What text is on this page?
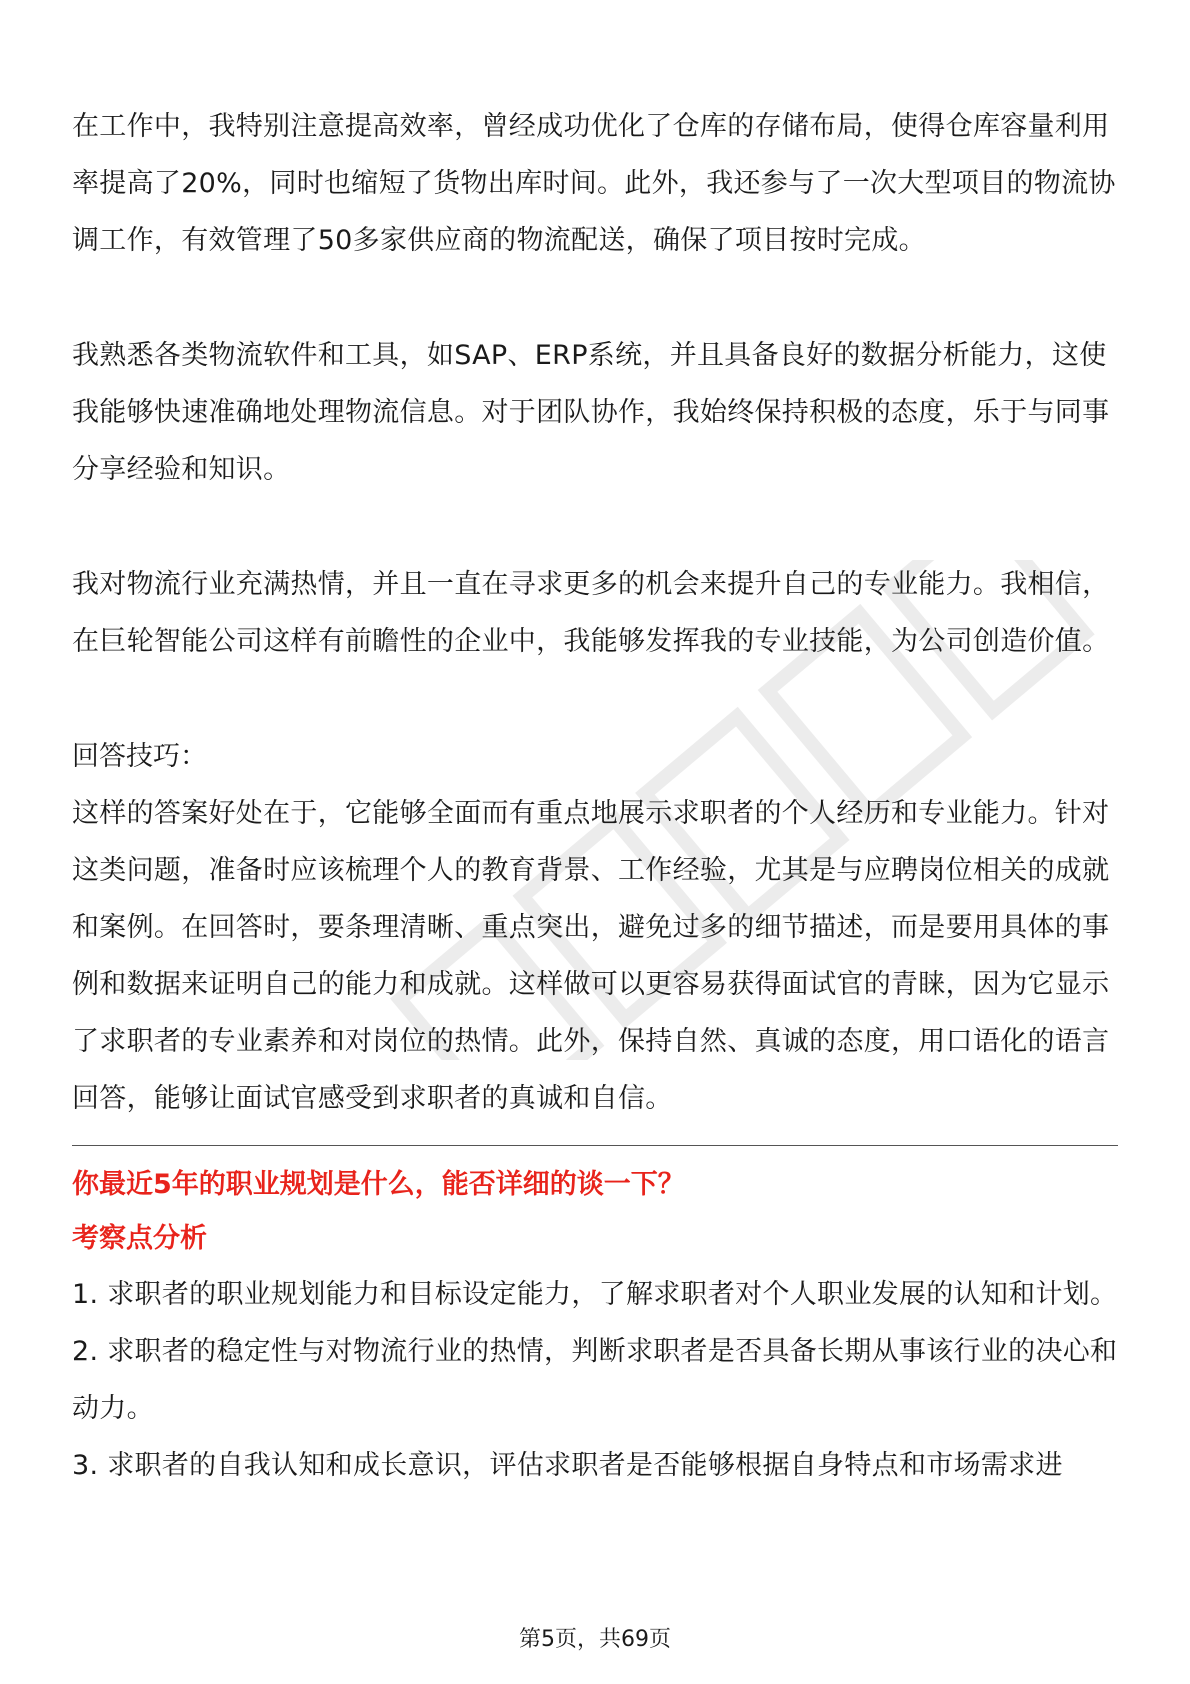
在工作中，我特别注意提高效率，曾经成功优化了仓库的存储布局，使得仓库容量利用率提高了20%，同时也缩短了货物出库时间。此外，我还参与了一次大型项目的物流协调工作，有效管理了50多家供应商的物流配送，确保了项目按时完成。

我熟悉各类物流软件和工具，如SAP、ERP系统，并且具备良好的数据分析能力，这使我能够快速准确地处理物流信息。对于团队协作，我始终保持积极的态度，乐于与同事分享经验和知识。

我对物流行业充满热情，并且一直在寻求更多的机会来提升自己的专业能力。我相信，在巨轮智能公司这样有前瞻性的企业中，我能够发挥我的专业技能，为公司创造价值。

回答技巧：

这样的答案好处在于，它能够全面而有重点地展示求职者的个人经历和专业能力。针对这类问题，准备时应该梳理个人的教育背景、工作经验，尤其是与应聘岗位相关的成就和案例。在回答时，要条理清晰、重点突出，避免过多的细节描述，而是要用具体的事例和数据来证明自己的能力和成就。这样做可以更容易获得面试官的青睐，因为它显示了求职者的专业素养和对岗位的热情。此外，保持自然、真诚的态度，用口语化的语言回答，能够让面试官感受到求职者的真诚和自信。

你最近5年的职业规划是什么，能否详细的谈一下？

考察点分析

1. 求职者的职业规划能力和目标设定能力，了解求职者对个人职业发展的认知和计划。

2. 求职者的稳定性与对物流行业的热情，判断求职者是否具备长期从事该行业的决心和动力。

3. 求职者的自我认知和成长意识，评估求职者是否能够根据自身特点和市场需求进

第5页，共69页
